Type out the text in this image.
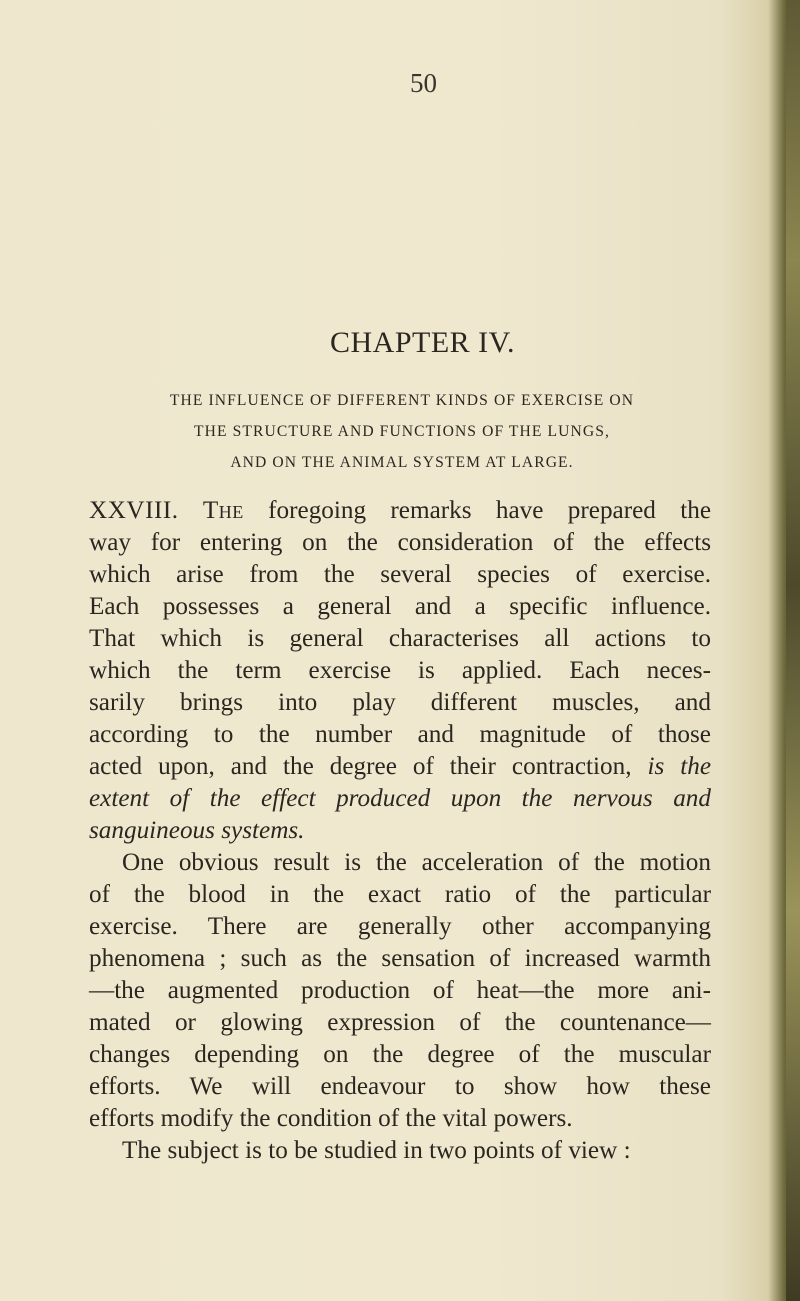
50
CHAPTER IV.
THE INFLUENCE OF DIFFERENT KINDS OF EXERCISE ON
THE STRUCTURE AND FUNCTIONS OF THE LUNGS,
AND ON THE ANIMAL SYSTEM AT LARGE.
XXVIII. The foregoing remarks have prepared the
way for entering on the consideration of the effects
which arise from the several species of exercise.
Each possesses a general and a specific influence.
That which is general characterises all actions to
which the term exercise is applied. Each neces-
sarily brings into play different muscles, and
according to the number and magnitude of those
acted upon, and the degree of their contraction, is the
extent of the effect produced upon the nervous and
sanguineous systems.
One obvious result is the acceleration of the motion
of the blood in the exact ratio of the particular
exercise. There are generally other accompanying
phenomena ; such as the sensation of increased warmth
—the augmented production of heat—the more ani-
mated or glowing expression of the countenance—
changes depending on the degree of the muscular
efforts. We will endeavour to show how these
efforts modify the condition of the vital powers.
The subject is to be studied in two points of view :
